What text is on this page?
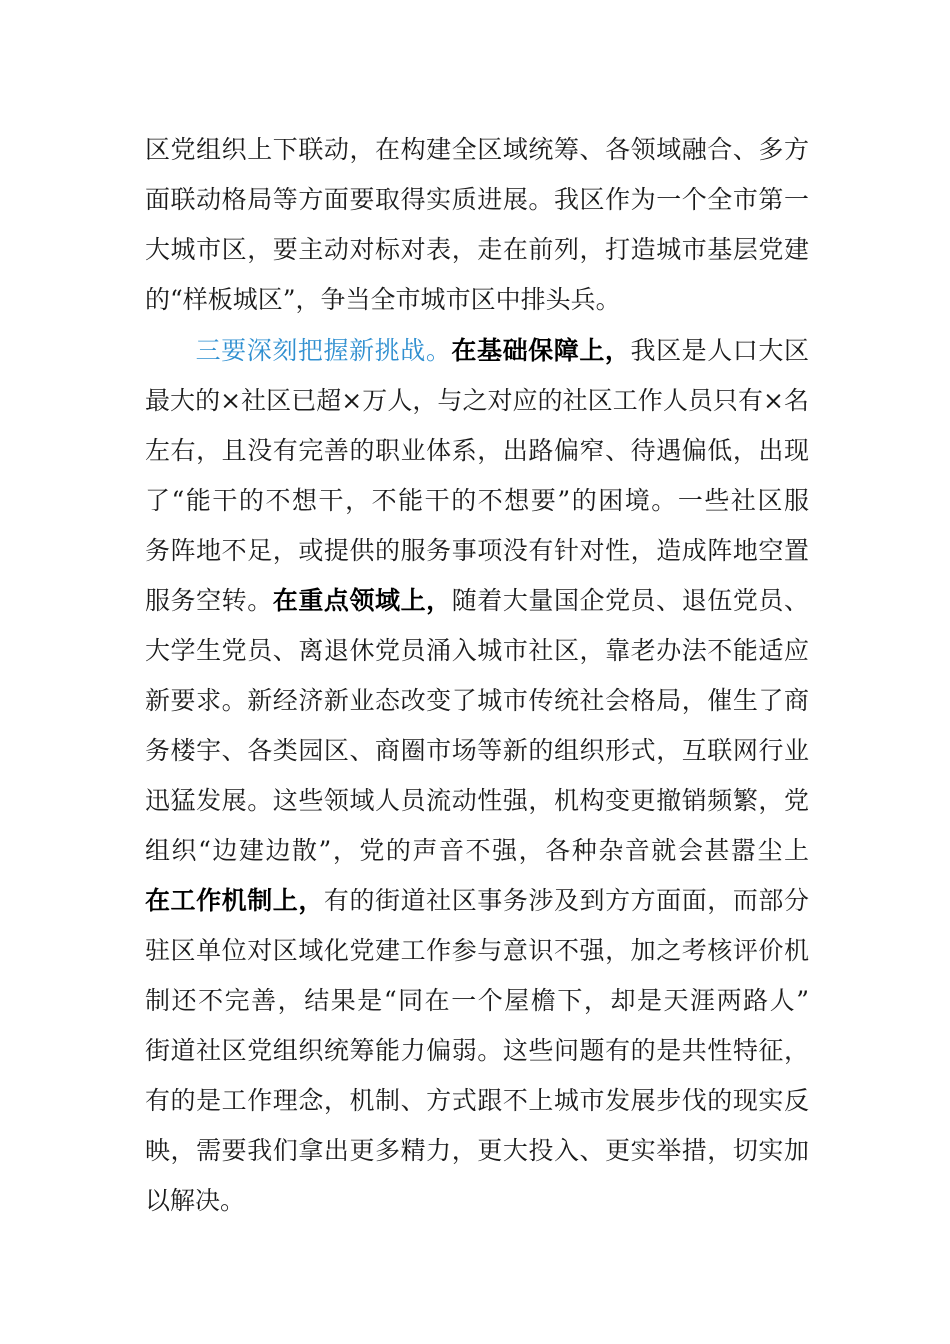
区党组织上下联动，在构建全区域统筹、各领域融合、多方
面联动格局等方面要取得实质进展。我区作为一个全市第一
大城市区，要主动对标对表，走在前列，打造城市基层党建
的“样板城区”，争当全市城市区中排头兵。
三要深刻把握新挑战。在基础保障上，我区是人口大区
最大的×社区已超×万人，与之对应的社区工作人员只有×名
左右，且没有完善的职业体系，出路偏窄、待遇偏低，出现
了“能干的不想干，不能干的不想要”的困境。一些社区服
务阵地不足，或提供的服务事项没有针对性，造成阵地空置
服务空转。在重点领域上，随着大量国企党员、退伍党员、
大学生党员、离退休党员涌入城市社区，靠老办法不能适应
新要求。新经济新业态改变了城市传统社会格局，催生了商
务楼宇、各类园区、商圈市场等新的组织形式，互联网行业
迅猛发展。这些领域人员流动性强，机构变更撤销频繁，党
组织“边建边散”，党的声音不强，各种杂音就会甚嚣尘上
在工作机制上，有的街道社区事务涉及到方方面面，而部分
驻区单位对区域化党建工作参与意识不强，加之考核评价机
制还不完善，结果是“同在一个屋檐下，却是天涯两路人”
街道社区党组织统筹能力偏弱。这些问题有的是共性特征，
有的是工作理念，机制、方式跟不上城市发展步伐的现实反
映，需要我们拿出更多精力，更大投入、更实举措，切实加
以解决。
